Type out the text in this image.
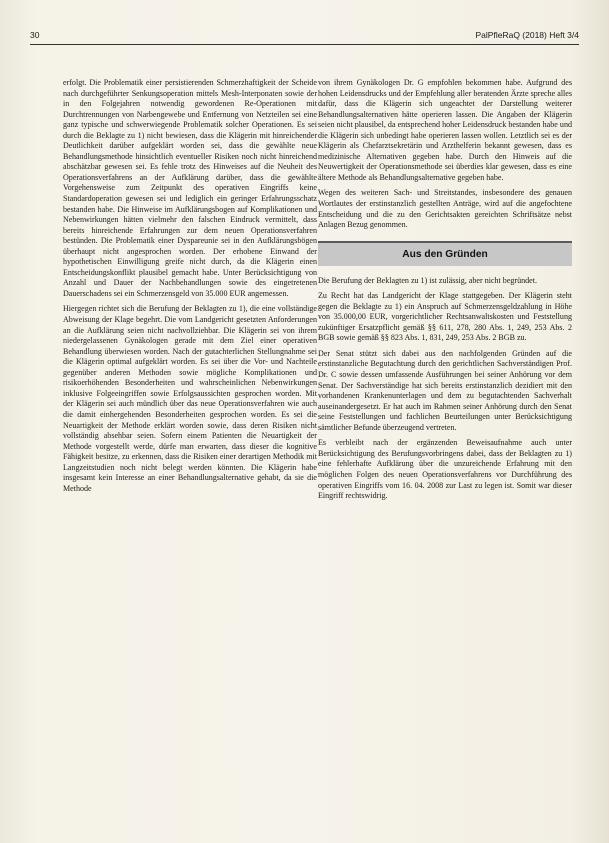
30	PalPfleRaQ (2018) Heft 3/4

erfolgt. Die Problematik einer persistierenden Schmerzhaftigkeit der Scheide nach durchgeführter Senkungsoperation mittels Mesh-Interponaten sowie der in den Folgejahren notwendig gewordenen Re-Operationen mit Durchtrennungen von Narbengewebe und Entfernung von Netzteilen sei eine ganz typische und schwerwiegende Problematik solcher Operationen. Es sei durch die Beklagte zu 1) nicht bewiesen, dass die Klägerin mit hinreichender Deutlichkeit darüber aufgeklärt worden sei, dass die gewählte neue Behandlungsmethode hinsichtlich eventueller Risiken noch nicht hinreichend abschätzbar gewesen sei. Es fehle trotz des Hinweises auf die Neuheit des Operationsverfahrens an der Aufklärung darüber, dass die gewählte Vorgehensweise zum Zeitpunkt des operativen Eingriffs keine Standardoperation gewesen sei und lediglich ein geringer Erfahrungsschatz bestanden habe. Die Hinweise im Aufklärungsbogen auf Komplikationen und Nebenwirkungen hätten vielmehr den falschen Eindruck vermittelt, dass bereits hinreichende Erfahrungen zur dem neuen Operationsverfahren bestünden. Die Problematik einer Dyspareunie sei in den Aufklärungsbögen überhaupt nicht angesprochen worden. Der erhobene Einwand der hypothetischen Einwilligung greife nicht durch, da die Klägerin einen Entscheidungskonflikt plausibel gemacht habe. Unter Berücksichtigung von Anzahl und Dauer der Nachbehandlungen sowie des eingetretenen Dauerschadens sei ein Schmerzensgeld von 35.000 EUR angemessen.

Hiergegen richtet sich die Berufung der Beklagten zu 1), die eine vollständige Abweisung der Klage begehrt. Die vom Landgericht gesetzten Anforderungen an die Aufklärung seien nicht nachvollziehbar. Die Klägerin sei von ihrem niedergelassenen Gynäkologen gerade mit dem Ziel einer operativen Behandlung überwiesen worden. Nach der gutachterlichen Stellungnahme sei die Klägerin optimal aufgeklärt worden. Es sei über die Vor- und Nachteile gegenüber anderen Methoden sowie mögliche Komplikationen und risikoerhöhenden Besonderheiten und wahrscheinlichen Nebenwirkungen inklusive Folgeeingriffen sowie Erfolgsaussichten gesprochen worden. Mit der Klägerin sei auch mündlich über das neue Operationsverfahren wie auch die damit einhergehenden Besonderheiten gesprochen worden. Es sei die Neuartigkeit der Methode erklärt worden sowie, dass deren Risiken nicht vollständig absehbar seien. Sofern einem Patienten die Neuartigkeit der Methode vorgestellt werde, dürfe man erwarten, dass dieser die kognitive Fähigkeit besitze, zu erkennen, dass die Risiken einer derartigen Methodik mit Langzeitstudien noch nicht belegt werden könnten. Die Klägerin habe insgesamt kein Interesse an einer Behandlungsalternative gehabt, da sie die Methode

von ihrem Gynäkologen Dr. G empfohlen bekommen habe. Aufgrund des hohen Leidensdrucks und der Empfehlung aller beratenden Ärzte spreche alles dafür, dass die Klägerin sich ungeachtet der Darstellung weiterer Behandlungsalternativen hätte operieren lassen. Die Angaben der Klägerin seien nicht plausibel, da entsprechend hoher Leidensdruck bestanden habe und die Klägerin sich unbedingt habe operieren lassen wollen. Letztlich sei es der Klägerin als Chefarztsekretärin und Arzthelferin bekannt gewesen, dass es medizinische Alternativen gegeben habe. Durch den Hinweis auf die Neuwertigkeit der Operationsmethode sei überdies klar gewesen, dass es eine ältere Methode als Behandlungsalternative gegeben habe.

Wegen des weiteren Sach- und Streitstandes, insbesondere des genauen Wortlautes der erstinstanzlich gestellten Anträge, wird auf die angefochtene Entscheidung und die zu den Gerichtsakten gereichten Schriftsätze nebst Anlagen Bezug genommen.

Aus den Gründen

Die Berufung der Beklagten zu 1) ist zulässig, aber nicht begründet.

Zu Recht hat das Landgericht der Klage stattgegeben. Der Klägerin steht gegen die Beklagte zu 1) ein Anspruch auf Schmerzensgeldzahlung in Höhe von 35.000,00 EUR, vorgerichtlicher Rechtsanwaltskosten und Feststellung zukünftiger Ersatzpflicht gemäß §§ 611, 278, 280 Abs. 1, 249, 253 Abs. 2 BGB sowie gemäß §§ 823 Abs. 1, 831, 249, 253 Abs. 2 BGB zu.

Der Senat stützt sich dabei aus den nachfolgenden Gründen auf die erstinstanzliche Begutachtung durch den gerichtlichen Sachverständigen Prof. Dr. C sowie dessen umfassende Ausführungen bei seiner Anhörung vor dem Senat. Der Sachverständige hat sich bereits erstinstanzlich dezidiert mit den vorhandenen Krankenunterlagen und dem zu begutachtenden Sachverhalt auseinandergesetzt. Er hat auch im Rahmen seiner Anhörung durch den Senat seine Feststellungen und fachlichen Beurteilungen unter Berücksichtigung sämtlicher Befunde überzeugend vertreten.

Es verbleibt nach der ergänzenden Beweisaufnahme auch unter Berücksichtigung des Berufungsvorbringens dabei, dass der Beklagten zu 1) eine fehlerhafte Aufklärung über die unzureichende Erfahrung mit den möglichen Folgen des neuen Operationsverfahrens vor Durchführung des operativen Eingriffs vom 16. 04. 2008 zur Last zu legen ist. Somit war dieser Eingriff rechtswidrig.
